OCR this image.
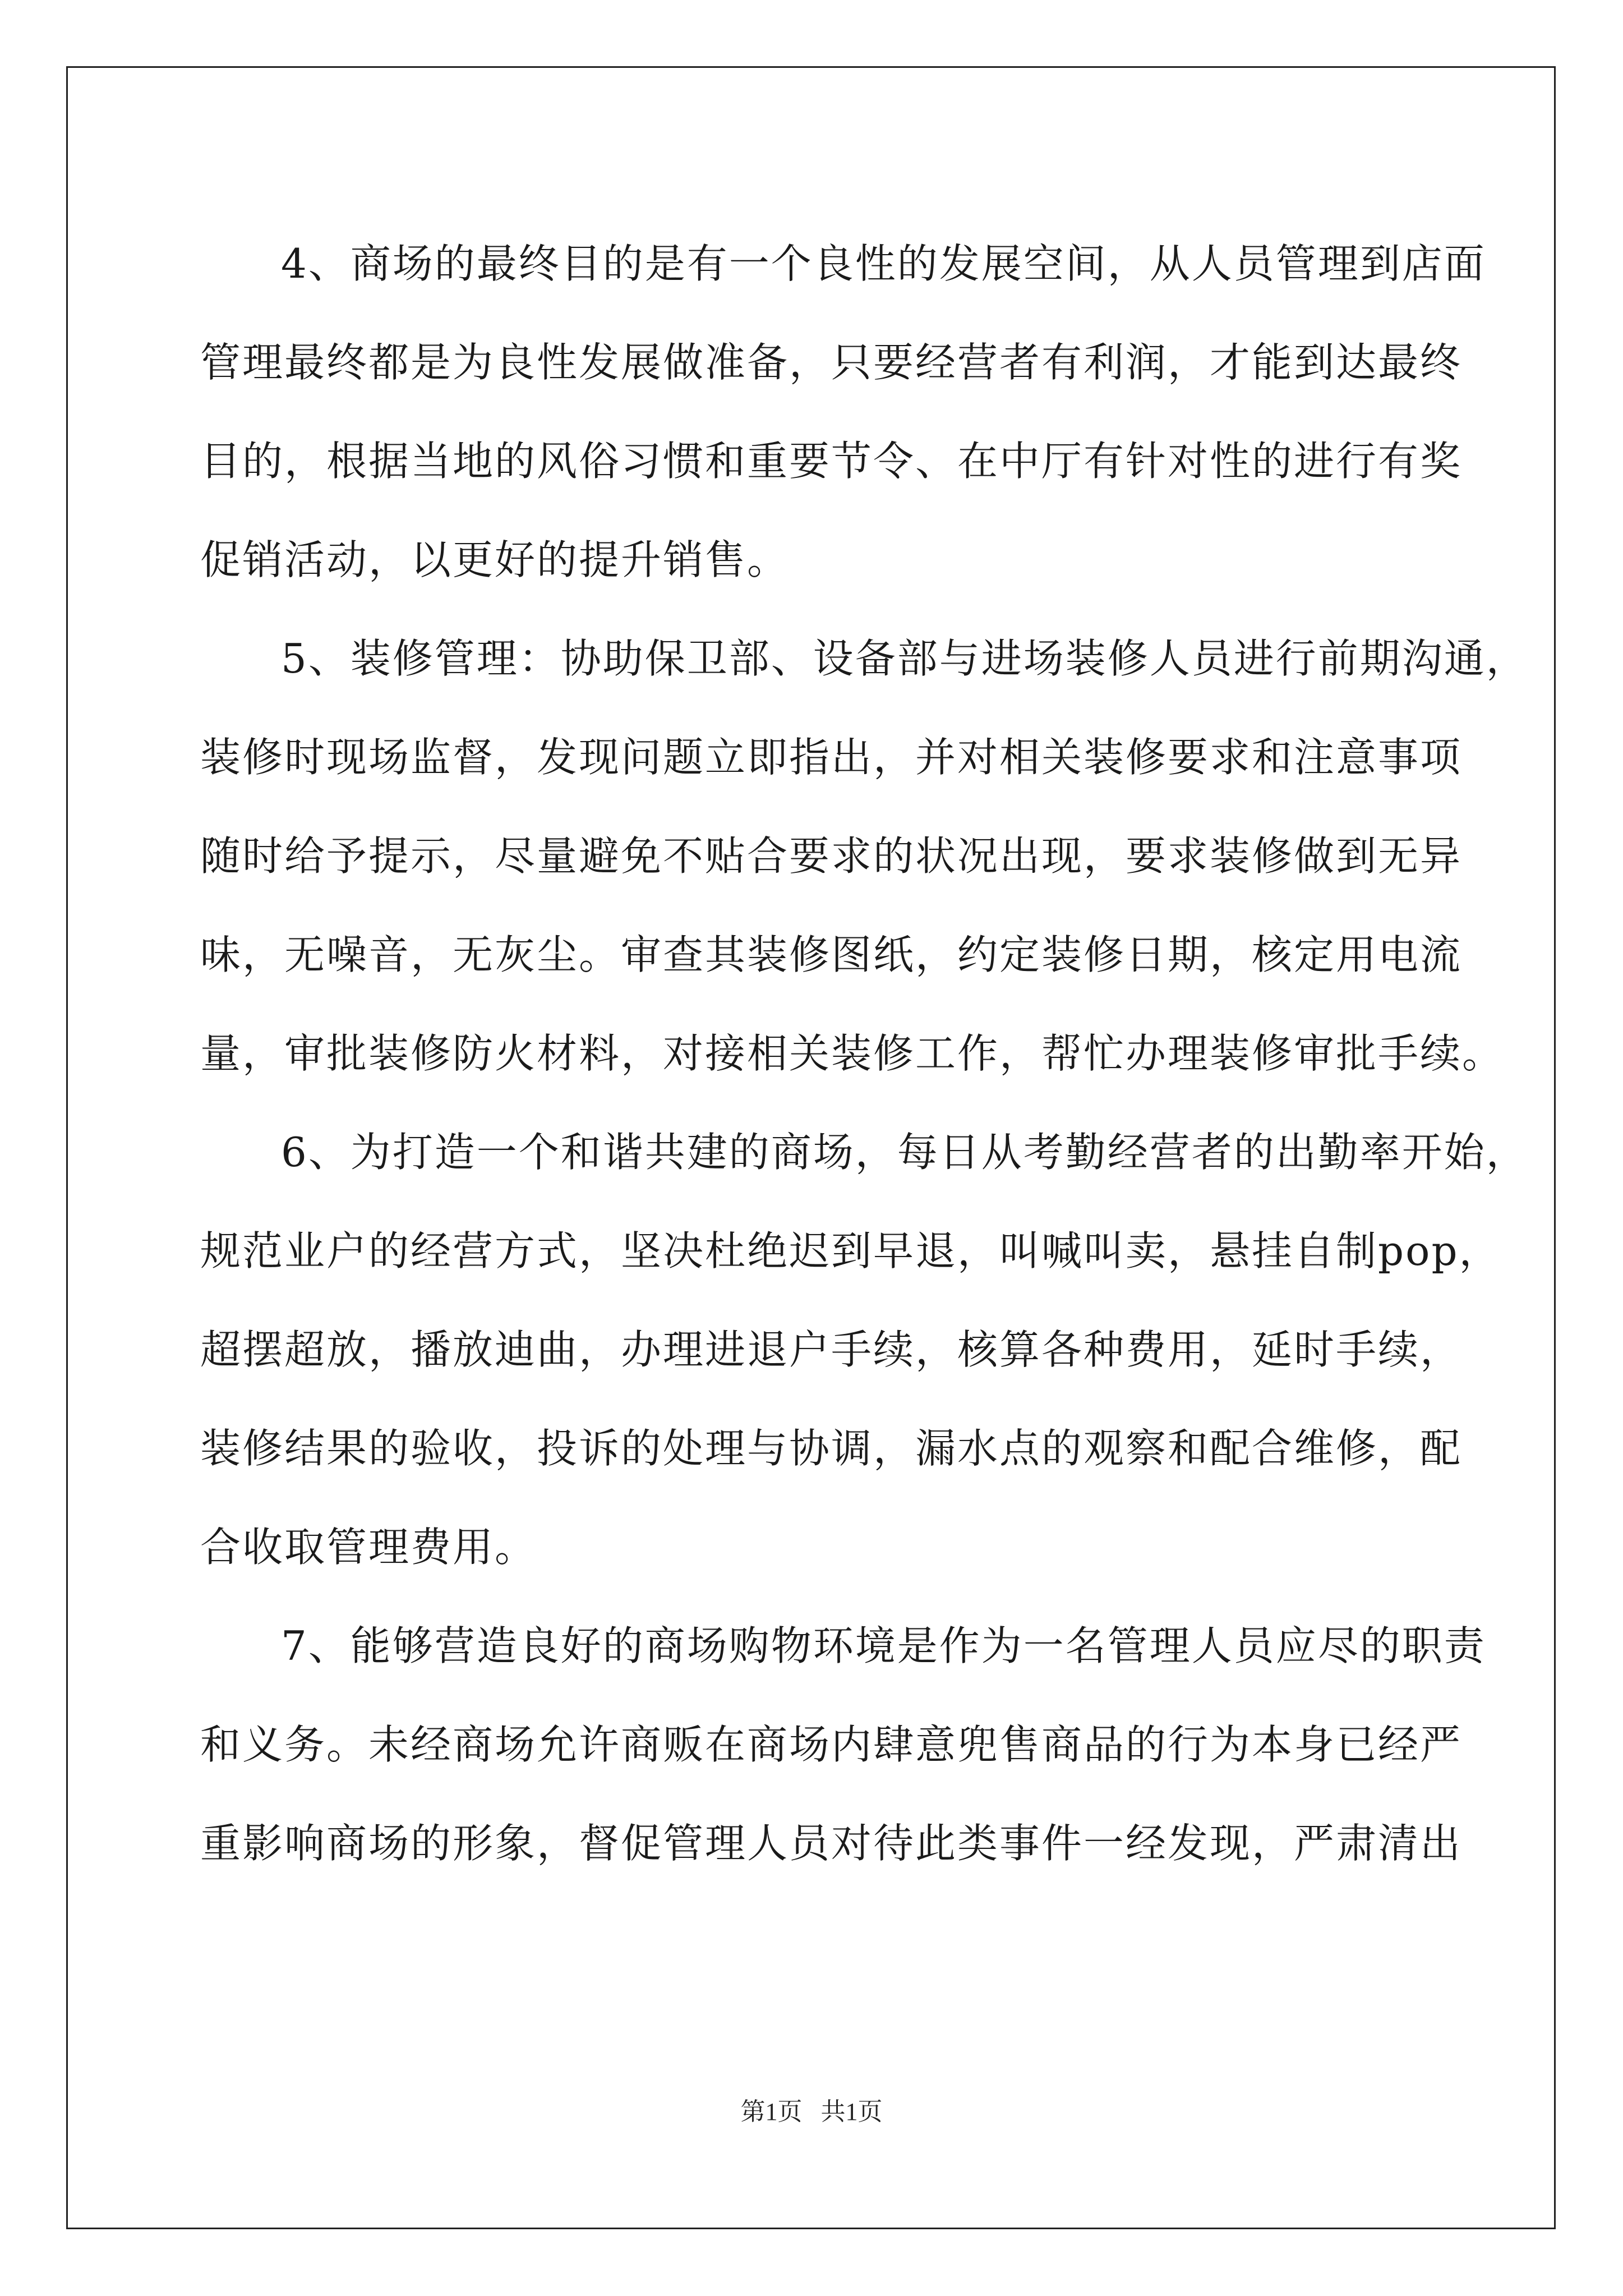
4、商场的最终目的是有一个良性的发展空间，从人员管理到店面
管理最终都是为良性发展做准备，只要经营者有利润，才能到达最终
目的，根据当地的风俗习惯和重要节令、在中厅有针对性的进行有奖
促销活动，以更好的提升销售。
5、装修管理：协助保卫部、设备部与进场装修人员进行前期沟通，
装修时现场监督，发现问题立即指出，并对相关装修要求和注意事项
随时给予提示，尽量避免不贴合要求的状况出现，要求装修做到无异
味，无噪音，无灰尘。审查其装修图纸，约定装修日期，核定用电流
量，审批装修防火材料，对接相关装修工作，帮忙办理装修审批手续。
6、为打造一个和谐共建的商场，每日从考勤经营者的出勤率开始，
规范业户的经营方式，坚决杜绝迟到早退，叫喊叫卖，悬挂自制pop，
超摆超放，播放迪曲，办理进退户手续，核算各种费用，延时手续，
装修结果的验收，投诉的处理与协调，漏水点的观察和配合维修，配
合收取管理费用。
7、能够营造良好的商场购物环境是作为一名管理人员应尽的职责
和义务。未经商场允许商贩在商场内肆意兜售商品的行为本身已经严
重影响商场的形象，督促管理人员对待此类事件一经发现，严肃清出
第1页   共1页
